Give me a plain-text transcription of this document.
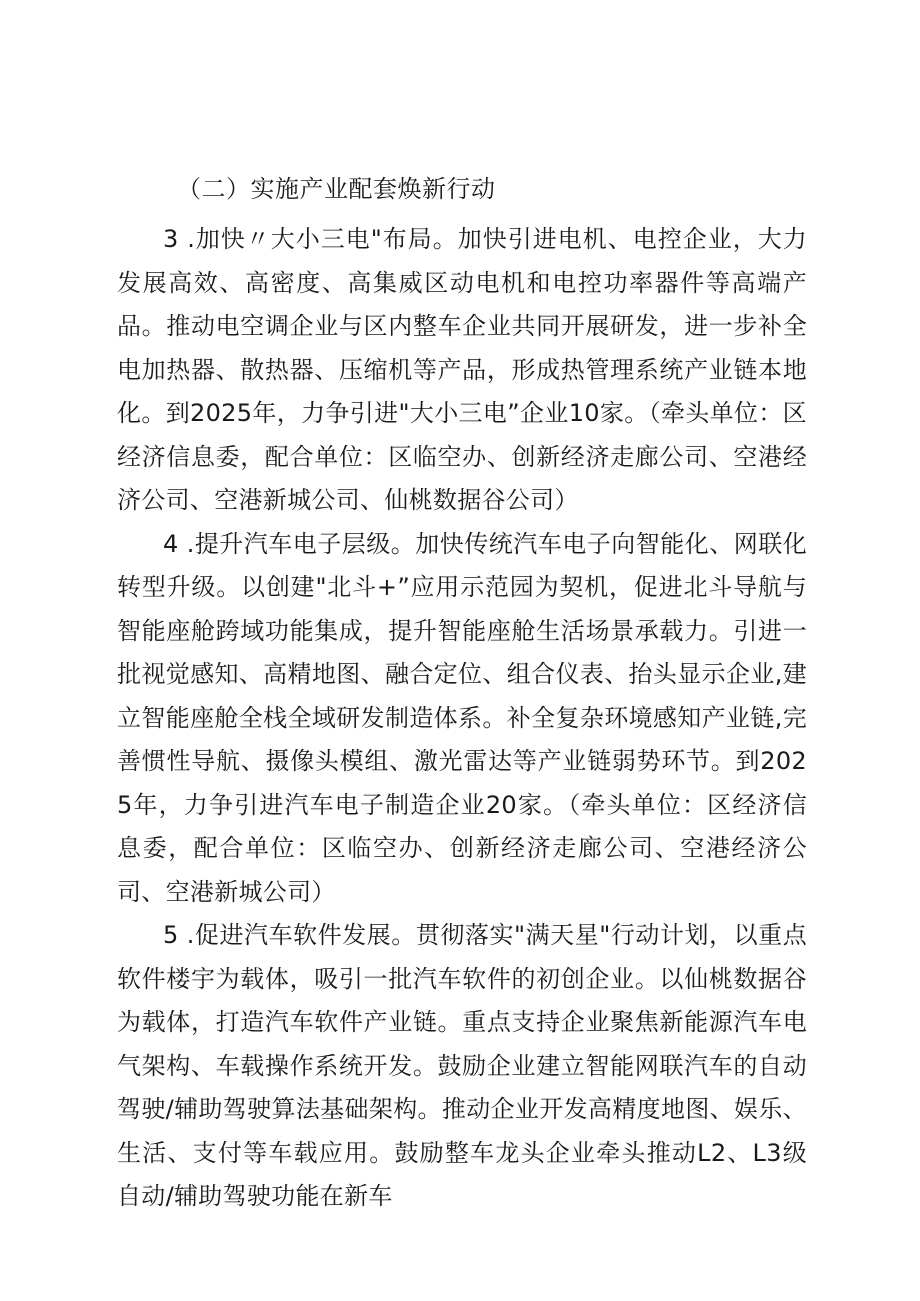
（二）实施产业配套焕新行动

3 .加快〃大小三电"布局。加快引进电机、电控企业，大力发展高效、高密度、高集威区动电机和电控功率器件等高端产品。推动电空调企业与区内整车企业共同开展研发，进一步补全电加热器、散热器、压缩机等产品，形成热管理系统产业链本地化。到2025年，力争引进"大小三电”企业10家。（牵头单位：区经济信息委，配合单位：区临空办、创新经济走廊公司、空港经济公司、空港新城公司、仙桃数据谷公司）

4 .提升汽车电子层级。加快传统汽车电子向智能化、网联化转型升级。以创建"北斗+”应用示范园为契机，促进北斗导航与智能座舱跨域功能集成，提升智能座舱生活场景承载力。引进一批视觉感知、高精地图、融合定位、组合仪表、抬头显示企业,建立智能座舱全栈全域研发制造体系。补全复杂环境感知产业链,完善惯性导航、摄像头模组、激光雷达等产业链弱势环节。到2025年，力争引进汽车电子制造企业20家。（牵头单位：区经济信息委，配合单位：区临空办、创新经济走廊公司、空港经济公司、空港新城公司）

5 .促进汽车软件发展。贯彻落实"满天星"行动计划，以重点软件楼宇为载体，吸引一批汽车软件的初创企业。以仙桃数据谷为载体，打造汽车软件产业链。重点支持企业聚焦新能源汽车电气架构、车载操作系统开发。鼓励企业建立智能网联汽车的自动驾驶/辅助驾驶算法基础架构。推动企业开发高精度地图、娱乐、生活、支付等车载应用。鼓励整车龙头企业牵头推动L2、L3级自动/辅助驾驶功能在新车
